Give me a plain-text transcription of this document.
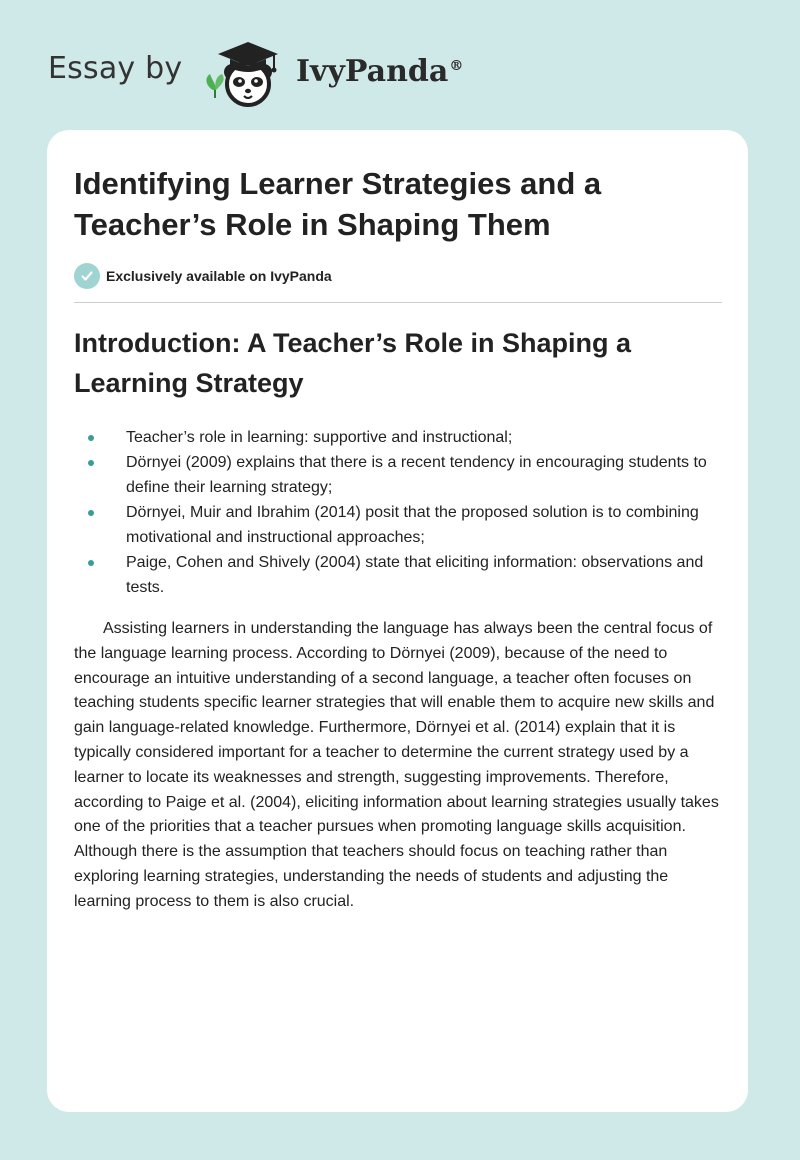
Essay by	IvyPanda®
Identifying Learner Strategies and a Teacher’s Role in Shaping Them
Exclusively available on IvyPanda
Introduction: A Teacher’s Role in Shaping a Learning Strategy
Teacher’s role in learning: supportive and instructional;
Dörnyei (2009) explains that there is a recent tendency in encouraging students to define their learning strategy;
Dörnyei, Muir and Ibrahim (2014) posit that the proposed solution is to combining motivational and instructional approaches;
Paige, Cohen and Shively (2004) state that eliciting information: observations and tests.

Assisting learners in understanding the language has always been the central focus of the language learning process. According to Dörnyei (2009), because of the need to encourage an intuitive understanding of a second language, a teacher often focuses on teaching students specific learner strategies that will enable them to acquire new skills and gain language-related knowledge. Furthermore, Dörnyei et al. (2014) explain that it is typically considered important for a teacher to determine the current strategy used by a learner to locate its weaknesses and strength, suggesting improvements. Therefore, according to Paige et al. (2004), eliciting information about learning strategies usually takes one of the priorities that a teacher pursues when promoting language skills acquisition. Although there is the assumption that teachers should focus on teaching rather than exploring learning strategies, understanding the needs of students and adjusting the learning process to them is also crucial.
